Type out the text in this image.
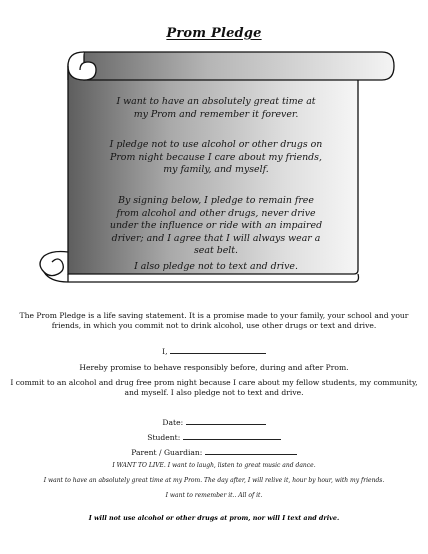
Prom Pledge
I want to have an absolutely great time at my Prom and remember it forever.
I pledge not to use alcohol or other drugs on Prom night because I care about my friends, my family, and myself.
By signing below, I pledge to remain free from alcohol and other drugs, never drive under the influence or ride with an impaired driver; and I agree that I will always wear a seat belt.
I also pledge not to text and drive.
The Prom Pledge is a life saving statement. It is a promise made to your family, your school and your friends, in which you commit not to drink alcohol, use other drugs or text and drive.
I,
Hereby promise to behave responsibly before, during and after Prom.
I commit to an alcohol and drug free prom night because I care about my fellow students, my community, and myself. I also pledge not to text and drive.
Date:
Student:
Parent / Guardian:
I WANT TO LIVE. I want to laugh, listen to great music and dance.
I want to have an absolutely great time at my Prom. The day after, I will relive it, hour by hour, with my friends.
I want to remember it.. All of it.
I will not use alcohol or other drugs at prom, nor will I text and drive.
